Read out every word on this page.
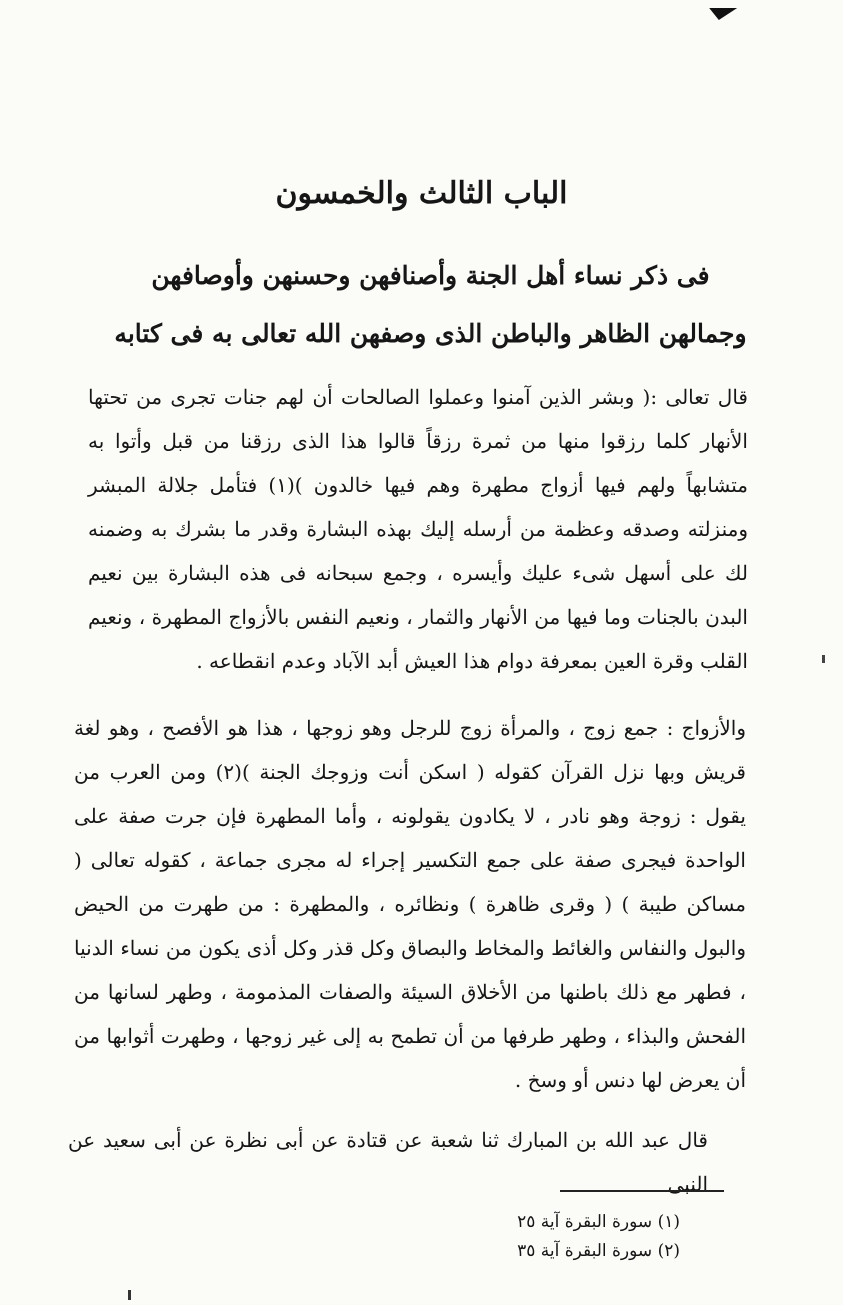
الباب الثالث والخمسون

فى ذكر نساء أهل الجنة وأصنافهن وحسنهن وأوصافهن وجمالهن الظاهر والباطن الذى وصفهن الله تعالى به فى كتابه

قال تعالى :( وبشر الذين آمنوا وعملوا الصالحات أن لهم جنات تجرى من تحتها الأنهار كلما رزقوا منها من ثمرة رزقاً قالوا هذا الذى رزقنا من قبل وأتوا به متشابهاً ولهم فيها أزواج مطهرة وهم فيها خالدون )(١) فتأمل جلالة المبشر ومنزلته وصدقه وعظمة من أرسله إليك بهذه البشارة وقدر ما بشرك به وضمنه لك على أسهل شىء عليك وأيسره ، وجمع سبحانه فى هذه البشارة بين نعيم البدن بالجنات وما فيها من الأنهار والثمار ، ونعيم النفس بالأزواج المطهرة ، ونعيم القلب وقرة العين بمعرفة دوام هذا العيش أبد الآباد وعدم انقطاعه .

والأزواج : جمع زوج ، والمرأة زوج للرجل وهو زوجها ، هذا هو الأفصح ، وهو لغة قريش وبها نزل القرآن كقوله ( اسكن أنت وزوجك الجنة )(٢) ومن العرب من يقول : زوجة وهو نادر ، لا يكادون يقولونه ، وأما المطهرة فإن جرت صفة على الواحدة فيجرى صفة على جمع التكسير إجراء له مجرى جماعة ، كقوله تعالى ( مساكن طيبة ) ( وقرى ظاهرة ) ونظائره ، والمطهرة : من طهرت من الحيض والبول والنفاس والغائط والمخاط والبصاق وكل قذر وكل أذى يكون من نساء الدنيا ، فطهر مع ذلك باطنها من الأخلاق السيئة والصفات المذمومة ، وطهر لسانها من الفحش والبذاء ، وطهر طرفها من أن تطمح به إلى غير زوجها ، وطهرت أثوابها من أن يعرض لها دنس أو وسخ .

قال عبد الله بن المبارك ثنا شعبة عن قتادة عن أبى نظرة عن أبى سعيد عن النبى

(١) سورة البقرة آية ٢٥
(٢) سورة البقرة آية ٣٥
